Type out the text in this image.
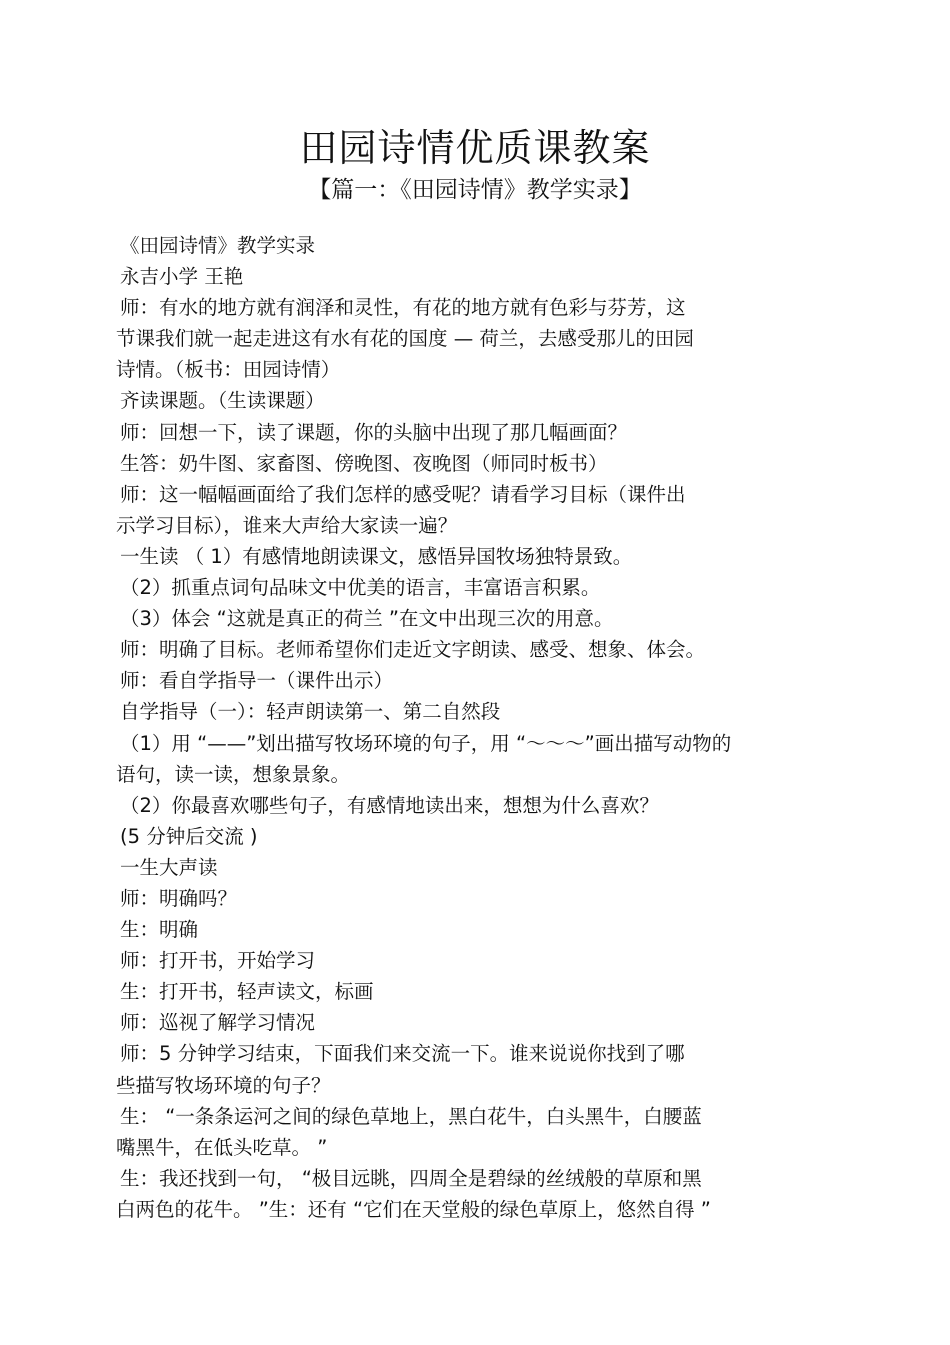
田园诗情优质课教案
【篇一：《田园诗情》教学实录】

《田园诗情》教学实录

永吉小学 王艳

师：有水的地方就有润泽和灵性，有花的地方就有色彩与芬芳，这

节课我们就一起走进这有水有花的国度 — 荷兰，去感受那儿的田园

诗情。（板书：田园诗情）

齐读课题。（生读课题）

师：回想一下，读了课题，你的头脑中出现了那几幅画面？

生答：奶牛图、家畜图、傍晚图、夜晚图（师同时板书）

师：这一幅幅画面给了我们怎样的感受呢？请看学习目标（课件出

示学习目标），谁来大声给大家读一遍？

一生读 （ 1）有感情地朗读课文，感悟异国牧场独特景致。

（2）抓重点词句品味文中优美的语言，丰富语言积累。

（3）体会 “这就是真正的荷兰 ”在文中出现三次的用意。

师：明确了目标。老师希望你们走近文字朗读、感受、想象、体会。

师：看自学指导一（课件出示）

自学指导（一）：轻声朗读第一、第二自然段

（1）用 “——”划出描写牧场环境的句子，用 “～～～”画出描写动物的

语句，读一读，想象景象。

（2）你最喜欢哪些句子，有感情地读出来，想想为什么喜欢？

(5 分钟后交流 )

一生大声读

师：明确吗？

生：明确

师：打开书，开始学习

生：打开书，轻声读文，标画

师：巡视了解学习情况

师：5 分钟学习结束，下面我们来交流一下。谁来说说你找到了哪

些描写牧场环境的句子？

生： “一条条运河之间的绿色草地上，黑白花牛，白头黑牛，白腰蓝

嘴黑牛，在低头吃草。 ”

生：我还找到一句， “极目远眺，四周全是碧绿的丝绒般的草原和黑

白两色的花牛。 ”生：还有 “它们在天堂般的绿色草原上，悠然自得 ”
